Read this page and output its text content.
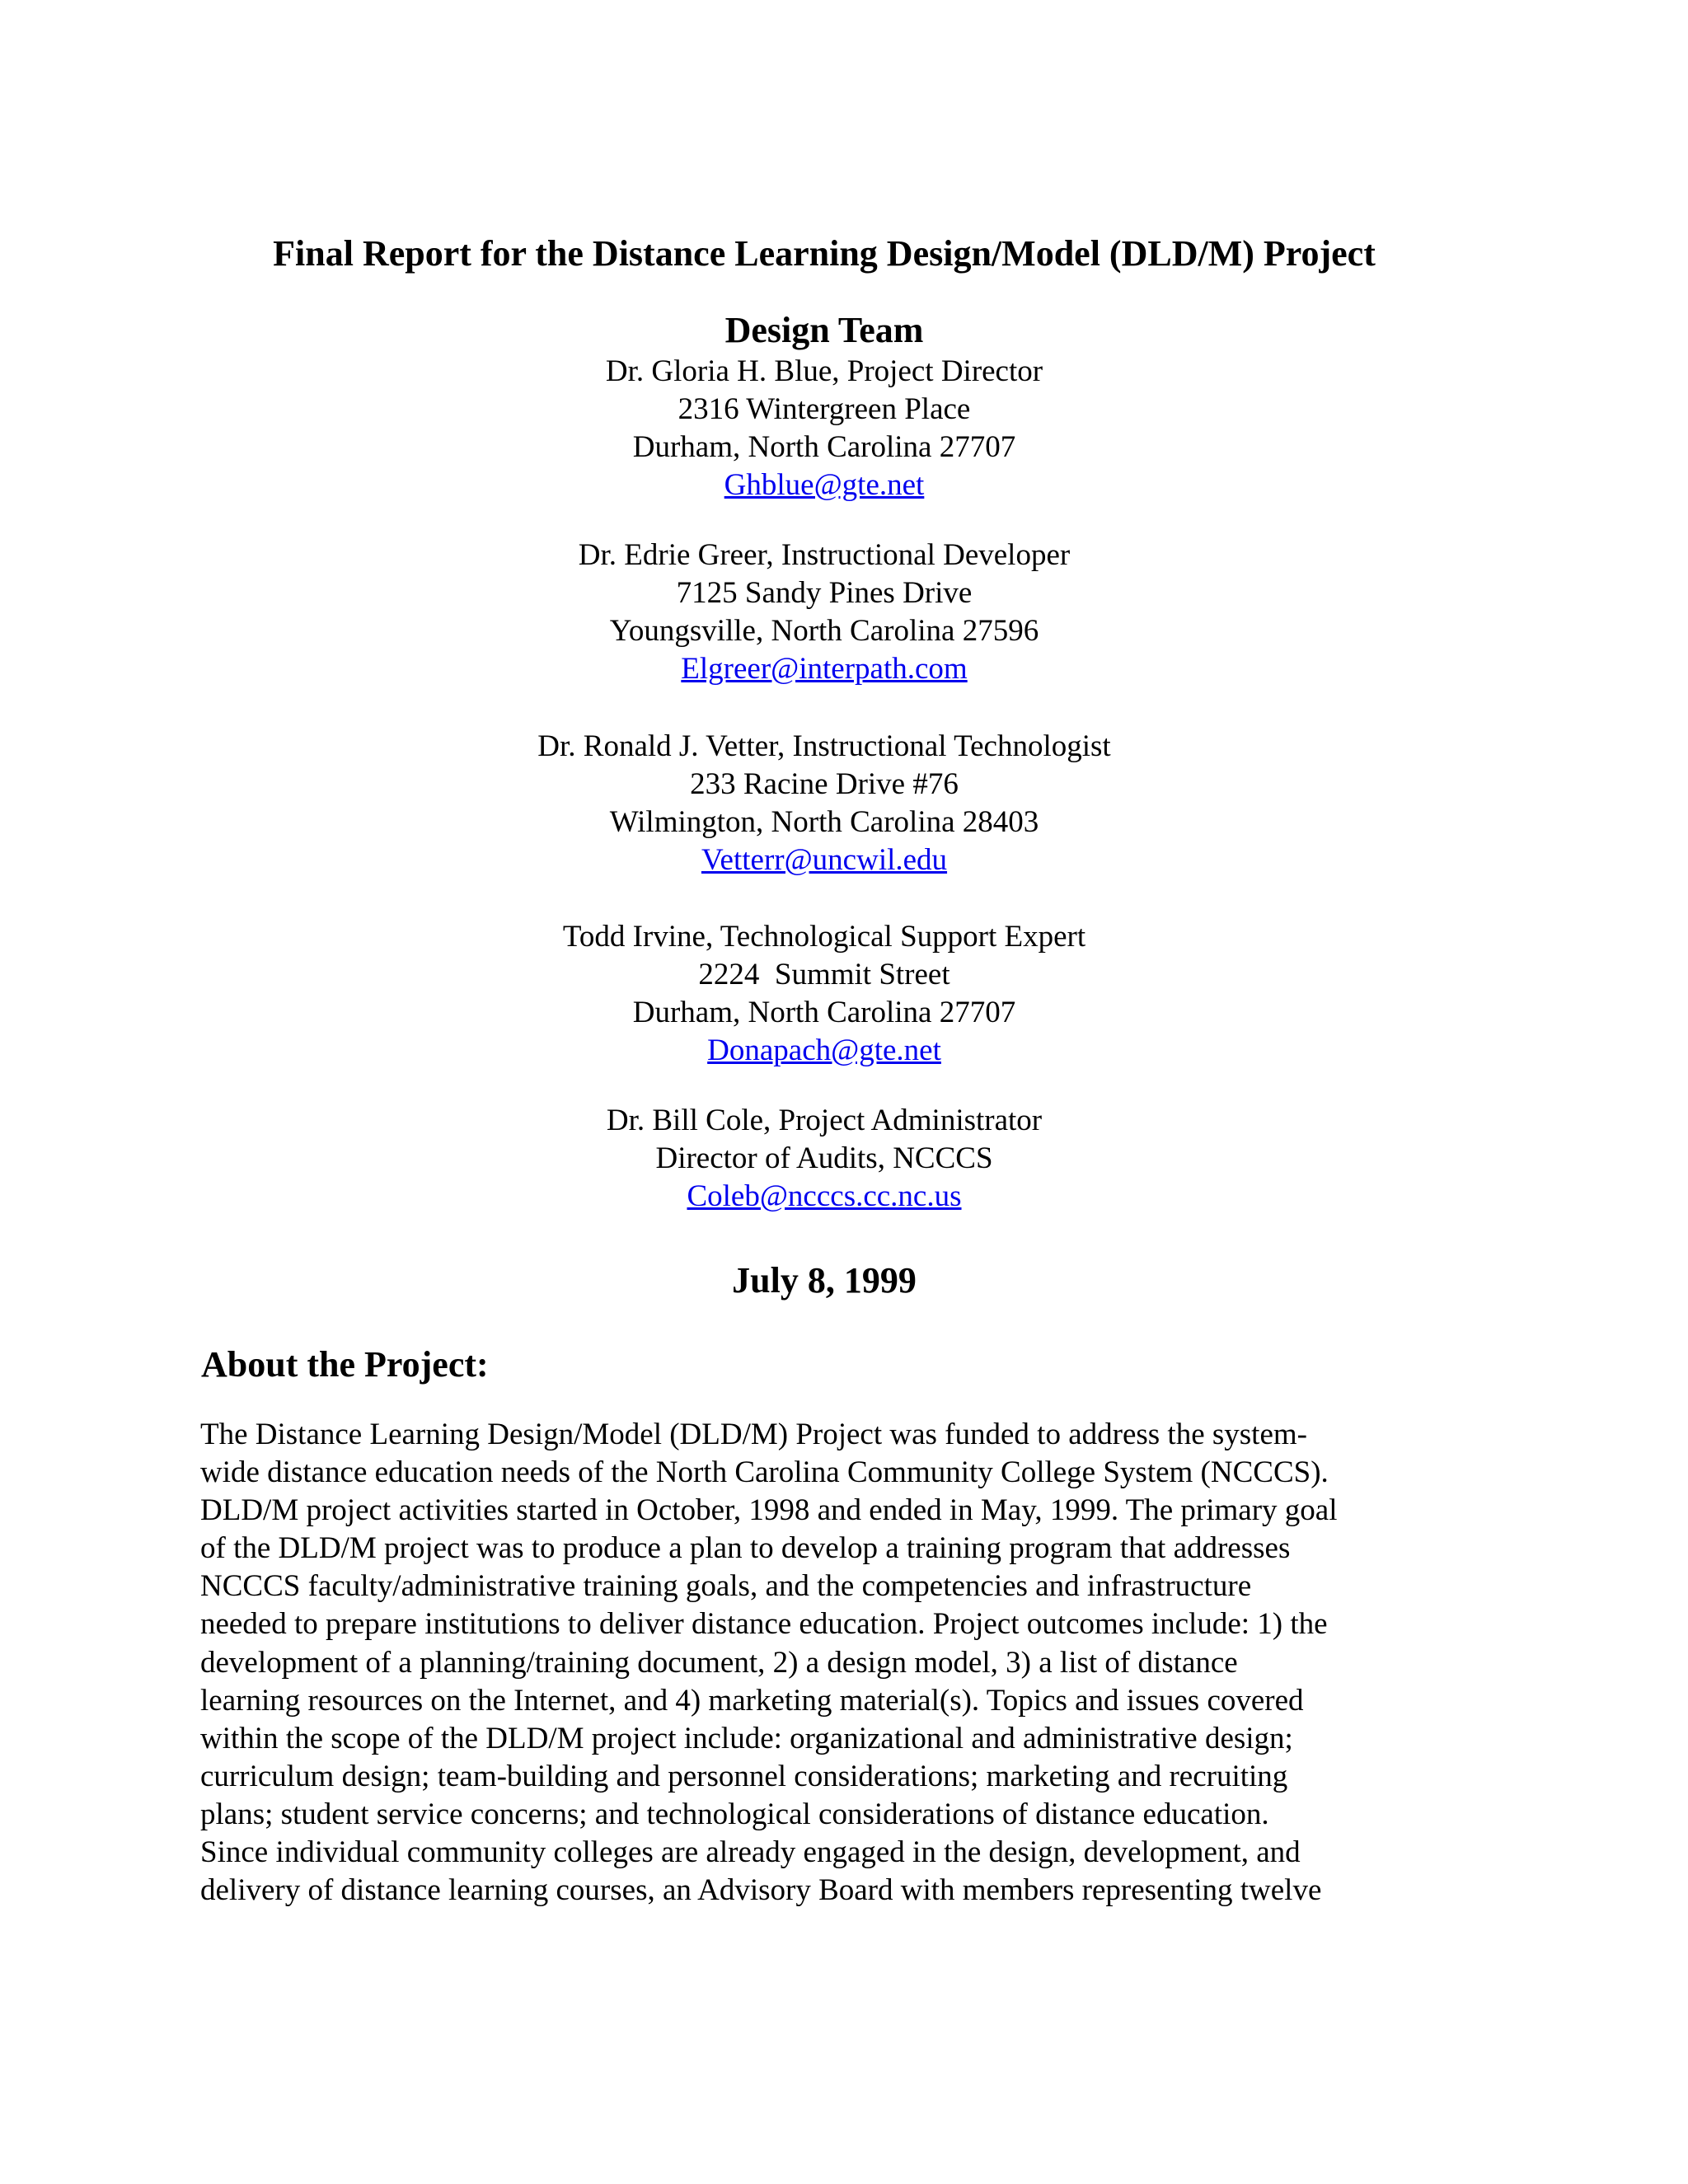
Final Report for the Distance Learning Design/Model (DLD/M) Project
Design Team
Dr. Gloria H. Blue, Project Director
2316 Wintergreen Place
Durham, North Carolina 27707
Ghblue@gte.net
Dr. Edrie Greer, Instructional Developer
7125 Sandy Pines Drive
Youngsville, North Carolina 27596
Elgreer@interpath.com
Dr. Ronald J. Vetter, Instructional Technologist
233 Racine Drive #76
Wilmington, North Carolina 28403
Vetterr@uncwil.edu
Todd Irvine, Technological Support Expert
2224  Summit Street
Durham, North Carolina 27707
Donapach@gte.net
Dr. Bill Cole, Project Administrator
Director of Audits, NCCCS
Coleb@ncccs.cc.nc.us
July 8, 1999
About the Project:
The Distance Learning Design/Model (DLD/M) Project was funded to address the system-
wide distance education needs of the North Carolina Community College System (NCCCS).
DLD/M project activities started in October, 1998 and ended in May, 1999. The primary goal
of the DLD/M project was to produce a plan to develop a training program that addresses
NCCCS faculty/administrative training goals, and the competencies and infrastructure
needed to prepare institutions to deliver distance education. Project outcomes include: 1) the
development of a planning/training document, 2) a design model, 3) a list of distance
learning resources on the Internet, and 4) marketing material(s). Topics and issues covered
within the scope of the DLD/M project include: organizational and administrative design;
curriculum design; team-building and personnel considerations; marketing and recruiting
plans; student service concerns; and technological considerations of distance education.
Since individual community colleges are already engaged in the design, development, and
delivery of distance learning courses, an Advisory Board with members representing twelve
